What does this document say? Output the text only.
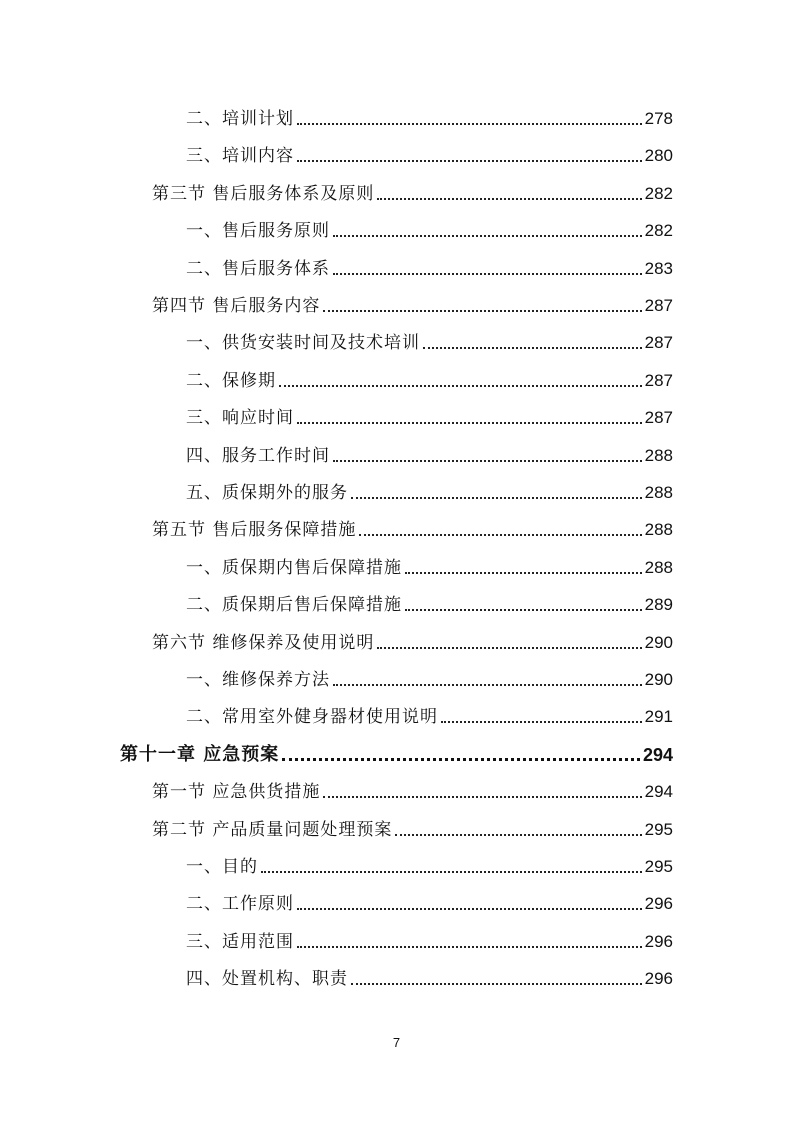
二、培训计划	278
三、培训内容	280
第三节 售后服务体系及原则	282
一、售后服务原则	282
二、售后服务体系	283
第四节 售后服务内容	287
一、供货安装时间及技术培训	287
二、保修期	287
三、响应时间	287
四、服务工作时间	288
五、质保期外的服务	288
第五节 售后服务保障措施	288
一、质保期内售后保障措施	288
二、质保期后售后保障措施	289
第六节 维修保养及使用说明	290
一、维修保养方法	290
二、常用室外健身器材使用说明	291
第十一章 应急预案	294
第一节 应急供货措施	294
第二节 产品质量问题处理预案	295
一、目的	295
二、工作原则	296
三、适用范围	296
四、处置机构、职责	296
7
